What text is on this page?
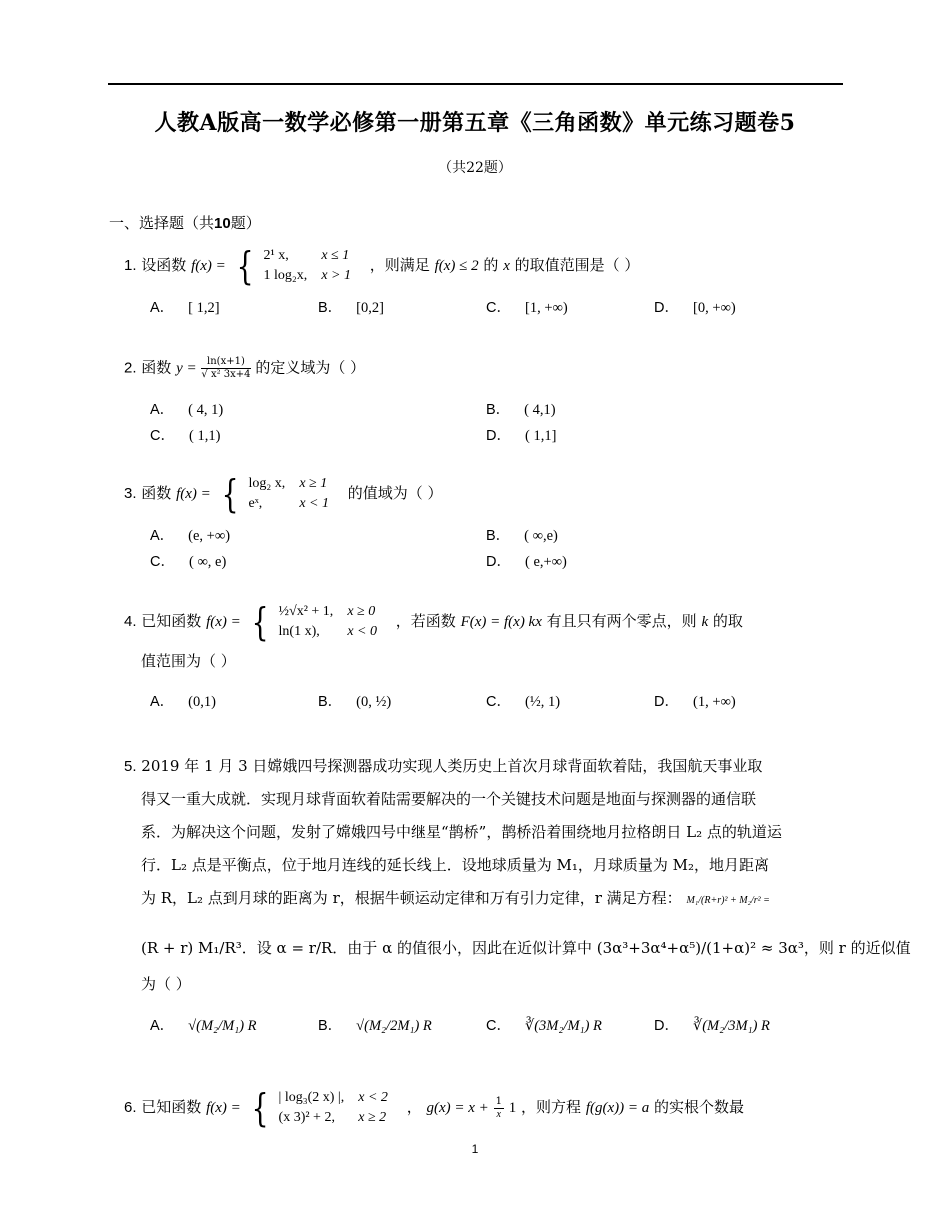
人教A版高一数学必修第一册第五章《三角函数》单元练习题卷5
（共22题）
一、选择题（共10题）
1. 设函数 f(x) = { 2¹ x,	x ≤ 1
1 log₂x,	x > 1 ，则满足 f(x) ≤ 2 的 x 的取值范围是（ ）
A． [ 1,2]	B． [0,2]	C． [1, +∞)	D． [0, +∞)
2. 函数 $y = \frac{\ln(x+1)}{\text{√ x² 3x+4}}$ 的定义域为（ ）
A． ( 4, 1)	B． ( 4,1)
C． ( 1,1)	D． ( 1,1]
3. 函数 f(x) = { log₂ x,	x ≥ 1
eˣ,	x < 1 的值域为（ ）
A． (e, +∞)	B． ( ∞,e)
C． ( ∞, e)	D． ( e,+∞)
4. 已知函数 f(x) = { ½√x² + 1,	x ≥ 0
ln(1 x),	x < 0 ，若函数 F(x) = f(x) kx 有且只有两个零点，则 k 的取
值范围为（ ）
A． (0,1)	B． (0, ½)	C． (½, 1)	D． (1, +∞)
5. 2019 年 1 月 3 日嫦娥四号探测器成功实现人类历史上首次月球背面软着陆，我国航天事业取
得又一重大成就．实现月球背面软着陆需要解决的一个关键技术问题是地面与探测器的通信联
系．为解决这个问题，发射了嫦娥四号中继星“鹊桥”，鹊桥沿着围绕地月拉格朗日 L₂ 点的轨道运
行．L₂ 点是平衡点，位于地月连线的延长线上．设地球质量为 M₁，月球质量为 M₂，地月距离
为 R，L₂ 点到月球的距离为 r，根据牛顿运动定律和万有引力定律，r 满足方程： M₁/(R+r)² + M₂/r² =
(R + r) M₁/R³．设 α = r/R．由于 α 的值很小，因此在近似计算中 (3α³+3α⁴+α⁵)/(1+α)² ≈ 3α³，则 r 的近似值
为（ ）
A． √(M₂/M₁) R	B． √(M₂/2M₁) R	C． ∛(3M₂/M₁) R	D． ∛(M₂/3M₁) R
6. 已知函数 f(x) = { | log₃(2 x) |,	x < 2
(x 3)² + 2,	x ≥ 2 ， $g(x) = x + \frac{1}{x} 1$ ，则方程 f(g(x)) = a 的实根个数最
1
